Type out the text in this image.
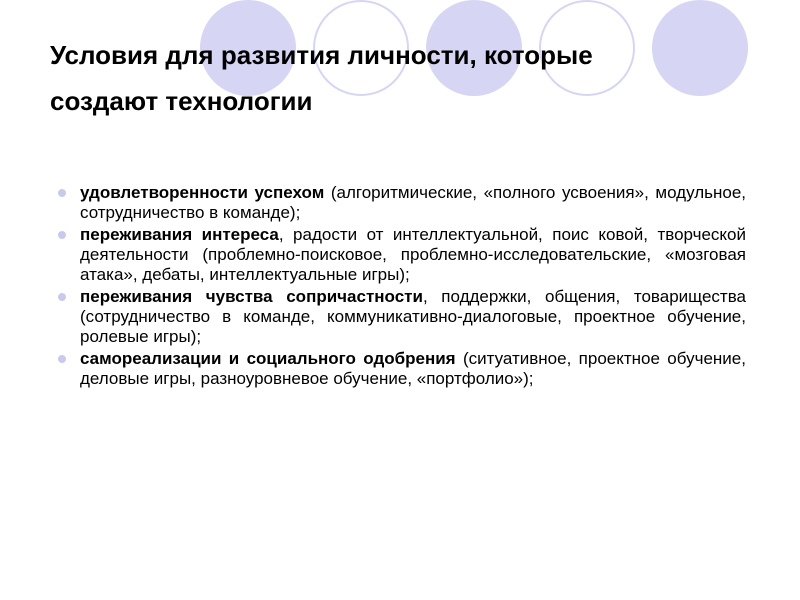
Условия для развития личности, которые
создают технологии
удовлетворенности успехом (алгоритмические, «полного усвоения», модульное, сотрудничество в команде);
переживания интереса, радости от интеллектуальной, поис ковой, творческой деятельности (проблемно-поисковое, проблемно-исследовательские, «мозговая атака», дебаты, интеллектуальные игры);
переживания чувства сопричастности, поддержки, общения, товарищества (сотрудничество в команде, коммуникативно-диалоговые, проектное обучение, ролевые игры);
самореализации и социального одобрения (ситуативное, проектное обучение, деловые игры, разноуровневое обучение, «портфолио»);
